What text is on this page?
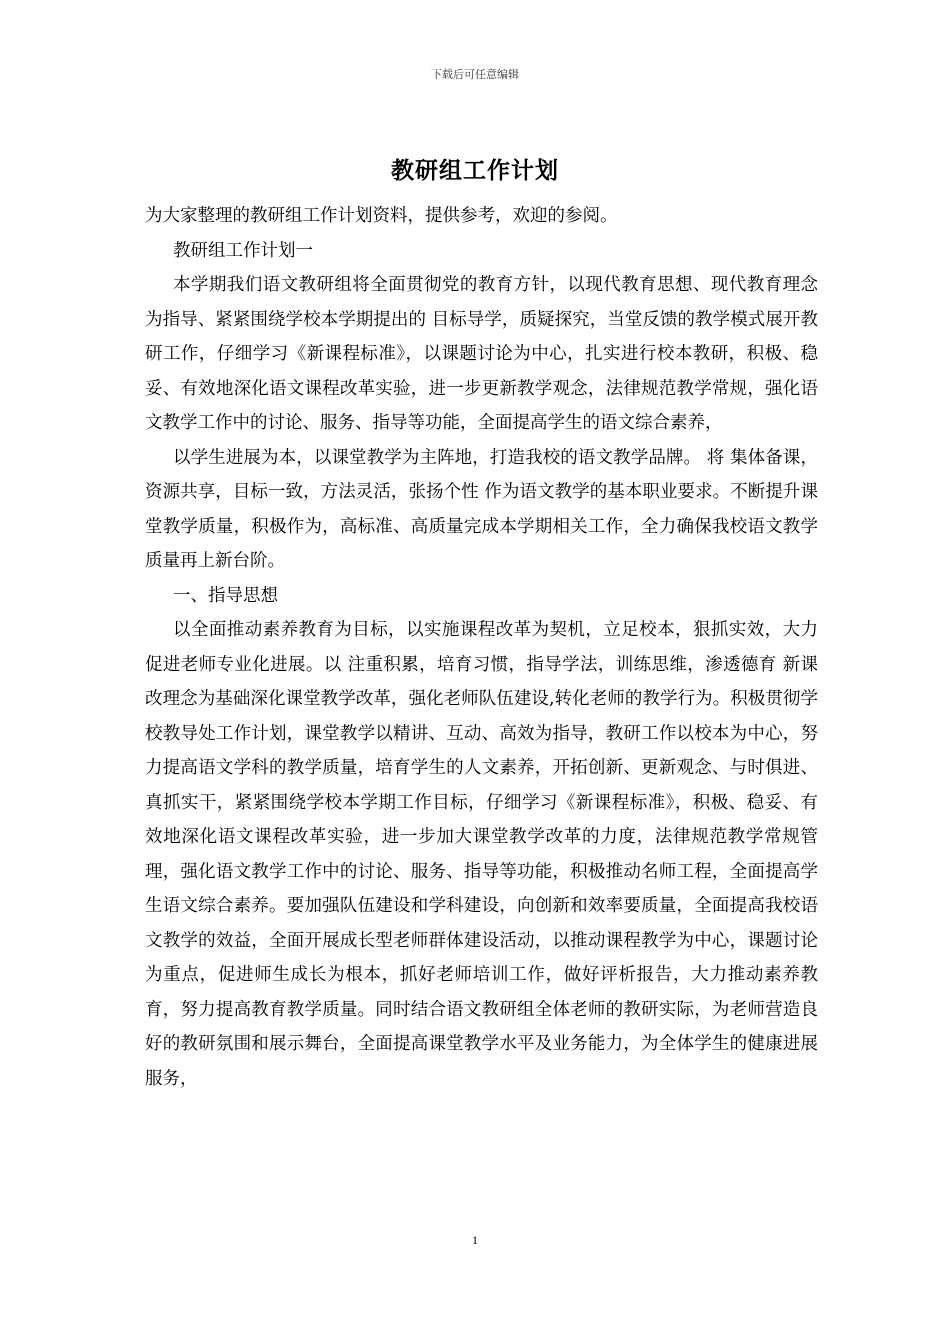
下载后可任意编辑
教研组工作计划

为大家整理的教研组工作计划资料，提供参考，欢迎的参阅。

教研组工作计划一

本学期我们语文教研组将全面贯彻党的教育方针，以现代教育思想、现代教育理念为指导、紧紧围绕学校本学期提出的 目标导学，质疑探究，当堂反馈的教学模式展开教研工作，仔细学习《新课程标准》，以课题讨论为中心，扎实进行校本教研，积极、稳妥、有效地深化语文课程改革实验，进一步更新教学观念，法律规范教学常规，强化语文教学工作中的讨论、服务、指导等功能，全面提高学生的语文综合素养，

以学生进展为本，以课堂教学为主阵地，打造我校的语文教学品牌。 将 集体备课，资源共享，目标一致，方法灵活，张扬个性 作为语文教学的基本职业要求。不断提升课堂教学质量，积极作为，高标准、高质量完成本学期相关工作，全力确保我校语文教学质量再上新台阶。

一、指导思想

以全面推动素养教育为目标，以实施课程改革为契机，立足校本，狠抓实效，大力促进老师专业化进展。以 注重积累，培育习惯，指导学法，训练思维，渗透德育 新课改理念为基础深化课堂教学改革，强化老师队伍建设,转化老师的教学行为。积极贯彻学校教导处工作计划，课堂教学以精讲、互动、高效为指导，教研工作以校本为中心，努力提高语文学科的教学质量，培育学生的人文素养，开拓创新、更新观念、与时俱进、真抓实干，紧紧围绕学校本学期工作目标，仔细学习《新课程标准》，积极、稳妥、有效地深化语文课程改革实验，进一步加大课堂教学改革的力度，法律规范教学常规管理，强化语文教学工作中的讨论、服务、指导等功能，积极推动名师工程，全面提高学生语文综合素养。要加强队伍建设和学科建设，向创新和效率要质量，全面提高我校语文教学的效益，全面开展成长型老师群体建设活动，以推动课程教学为中心，课题讨论为重点，促进师生成长为根本，抓好老师培训工作，做好评析报告，大力推动素养教育，努力提高教育教学质量。同时结合语文教研组全体老师的教研实际，为老师营造良好的教研氛围和展示舞台，全面提高课堂教学水平及业务能力，为全体学生的健康进展服务，

1
